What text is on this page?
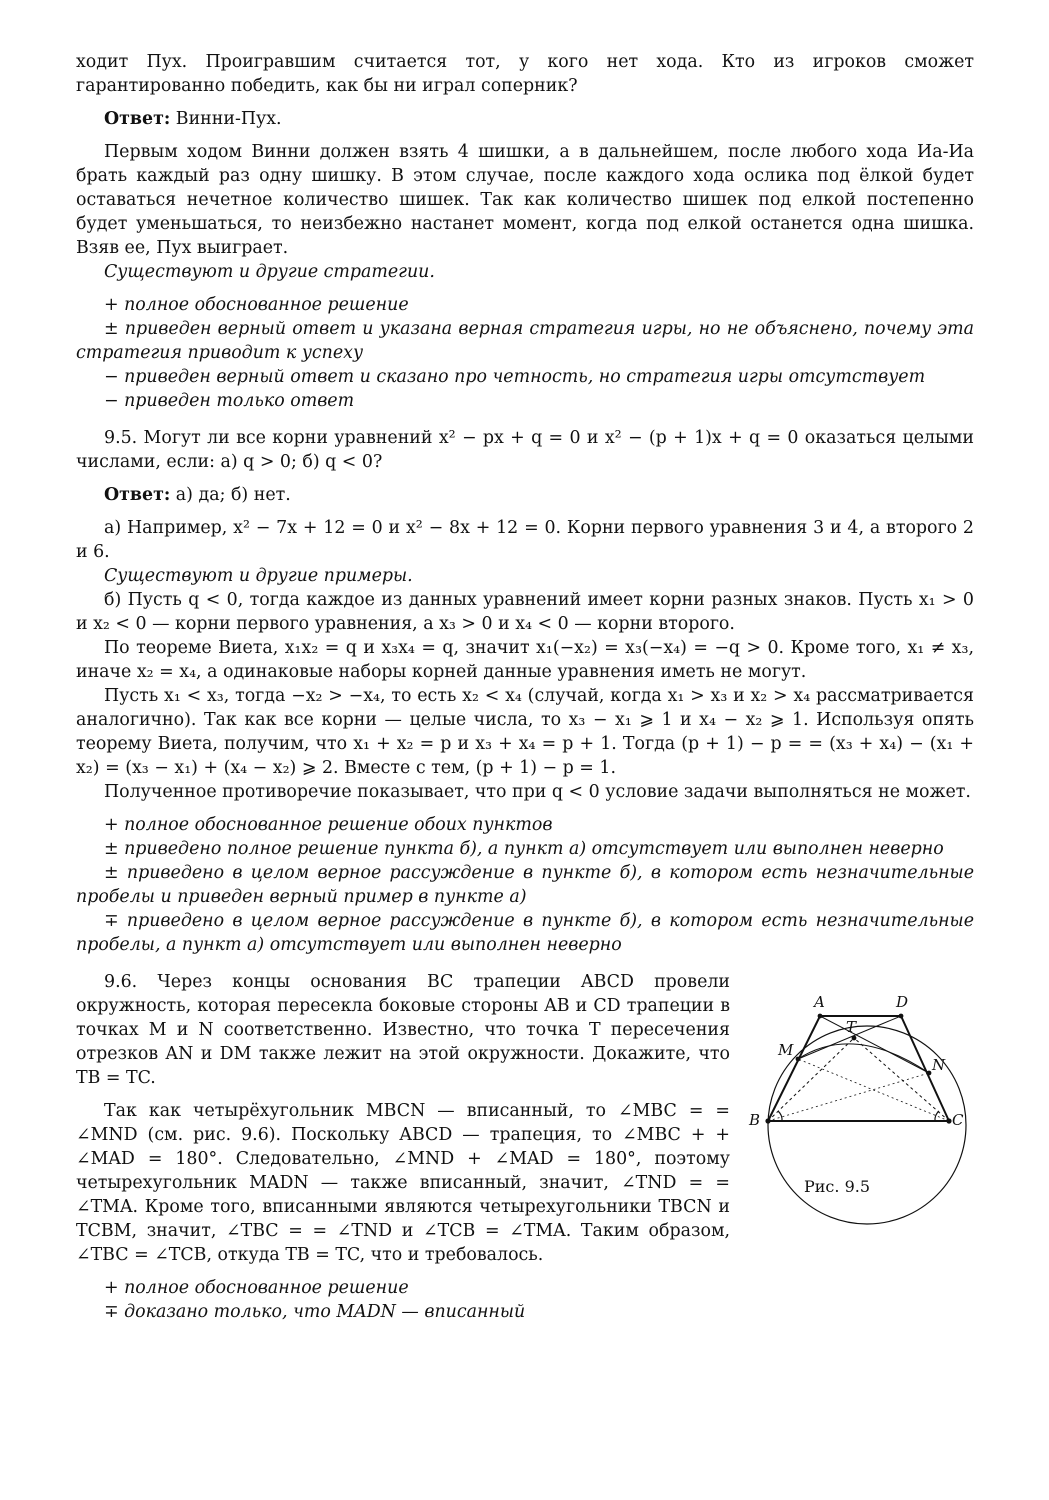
ходит Пух. Проигравшим считается тот, у кого нет хода. Кто из игроков сможет гарантированно победить, как бы ни играл соперник?

Ответ: Винни-Пух.

Первым ходом Винни должен взять 4 шишки, а в дальнейшем, после любого хода Иа-Иа брать каждый раз одну шишку. В этом случае, после каждого хода ослика под ёлкой будет оставаться нечетное количество шишек. Так как количество шишек под елкой постепенно будет уменьшаться, то неизбежно настанет момент, когда под елкой останется одна шишка. Взяв ее, Пух выиграет.

Существуют и другие стратегии.

+ полное обоснованное решение

± приведен верный ответ и указана верная стратегия игры, но не объяснено, почему эта стратегия приводит к успеху

− приведен верный ответ и сказано про четность, но стратегия игры отсутствует

− приведен только ответ

9.5. Могут ли все корни уравнений x² − px + q = 0 и x² − (p + 1)x + q = 0 оказаться целыми числами, если: а) q > 0; б) q < 0?

Ответ: а) да; б) нет.

а) Например, x² − 7x + 12 = 0 и x² − 8x + 12 = 0. Корни первого уравнения 3 и 4, а второго 2 и 6.

Существуют и другие примеры.

б) Пусть q < 0, тогда каждое из данных уравнений имеет корни разных знаков. Пусть x₁ > 0 и x₂ < 0 — корни первого уравнения, а x₃ > 0 и x₄ < 0 — корни второго.

По теореме Виета, x₁x₂ = q и x₃x₄ = q, значит x₁(−x₂) = x₃(−x₄) = −q > 0. Кроме того, x₁ ≠ x₃, иначе x₂ = x₄, а одинаковые наборы корней данные уравнения иметь не могут.

Пусть x₁ < x₃, тогда −x₂ > −x₄, то есть x₂ < x₄ (случай, когда x₁ > x₃ и x₂ > x₄ рассматривается аналогично). Так как все корни — целые числа, то x₃ − x₁ ⩾ 1 и x₄ − x₂ ⩾ 1. Используя опять теорему Виета, получим, что x₁ + x₂ = p и x₃ + x₄ = p + 1. Тогда (p + 1) − p = = (x₃ + x₄) − (x₁ + x₂) = (x₃ − x₁) + (x₄ − x₂) ⩾ 2. Вместе с тем, (p + 1) − p = 1.

Полученное противоречие показывает, что при q < 0 условие задачи выполняться не может.

+ полное обоснованное решение обоих пунктов

± приведено полное решение пункта б), а пункт а) отсутствует или выполнен неверно

± приведено в целом верное рассуждение в пункте б), в котором есть незначительные пробелы и приведен верный пример в пункте а)

∓ приведено в целом верное рассуждение в пункте б), в котором есть незначительные пробелы, а пункт а) отсутствует или выполнен неверно

A	D
M
T
N
B	C
Рис. 9.5

9.6. Через концы основания BC трапеции ABCD провели окружность, которая пересекла боковые стороны AB и CD трапеции в точках M и N соответственно. Известно, что точка T пересечения отрезков AN и DM также лежит на этой окружности. Докажите, что TB = TC.

Так как четырёхугольник MBCN — вписанный, то ∠MBC = = ∠MND (см. рис. 9.6). Поскольку ABCD — трапеция, то ∠MBC + + ∠MAD = 180°. Следовательно, ∠MND + ∠MAD = 180°, поэтому четырехугольник MADN — также вписанный, значит, ∠TND = = ∠TMA. Кроме того, вписанными являются четырехугольники TBCN и TCBM, значит, ∠TBC = = ∠TND и ∠TCB = ∠TMA. Таким образом, ∠TBC = ∠TCB, откуда TB = TC, что и требовалось.

+ полное обоснованное решение

∓ доказано только, что MADN — вписанный
